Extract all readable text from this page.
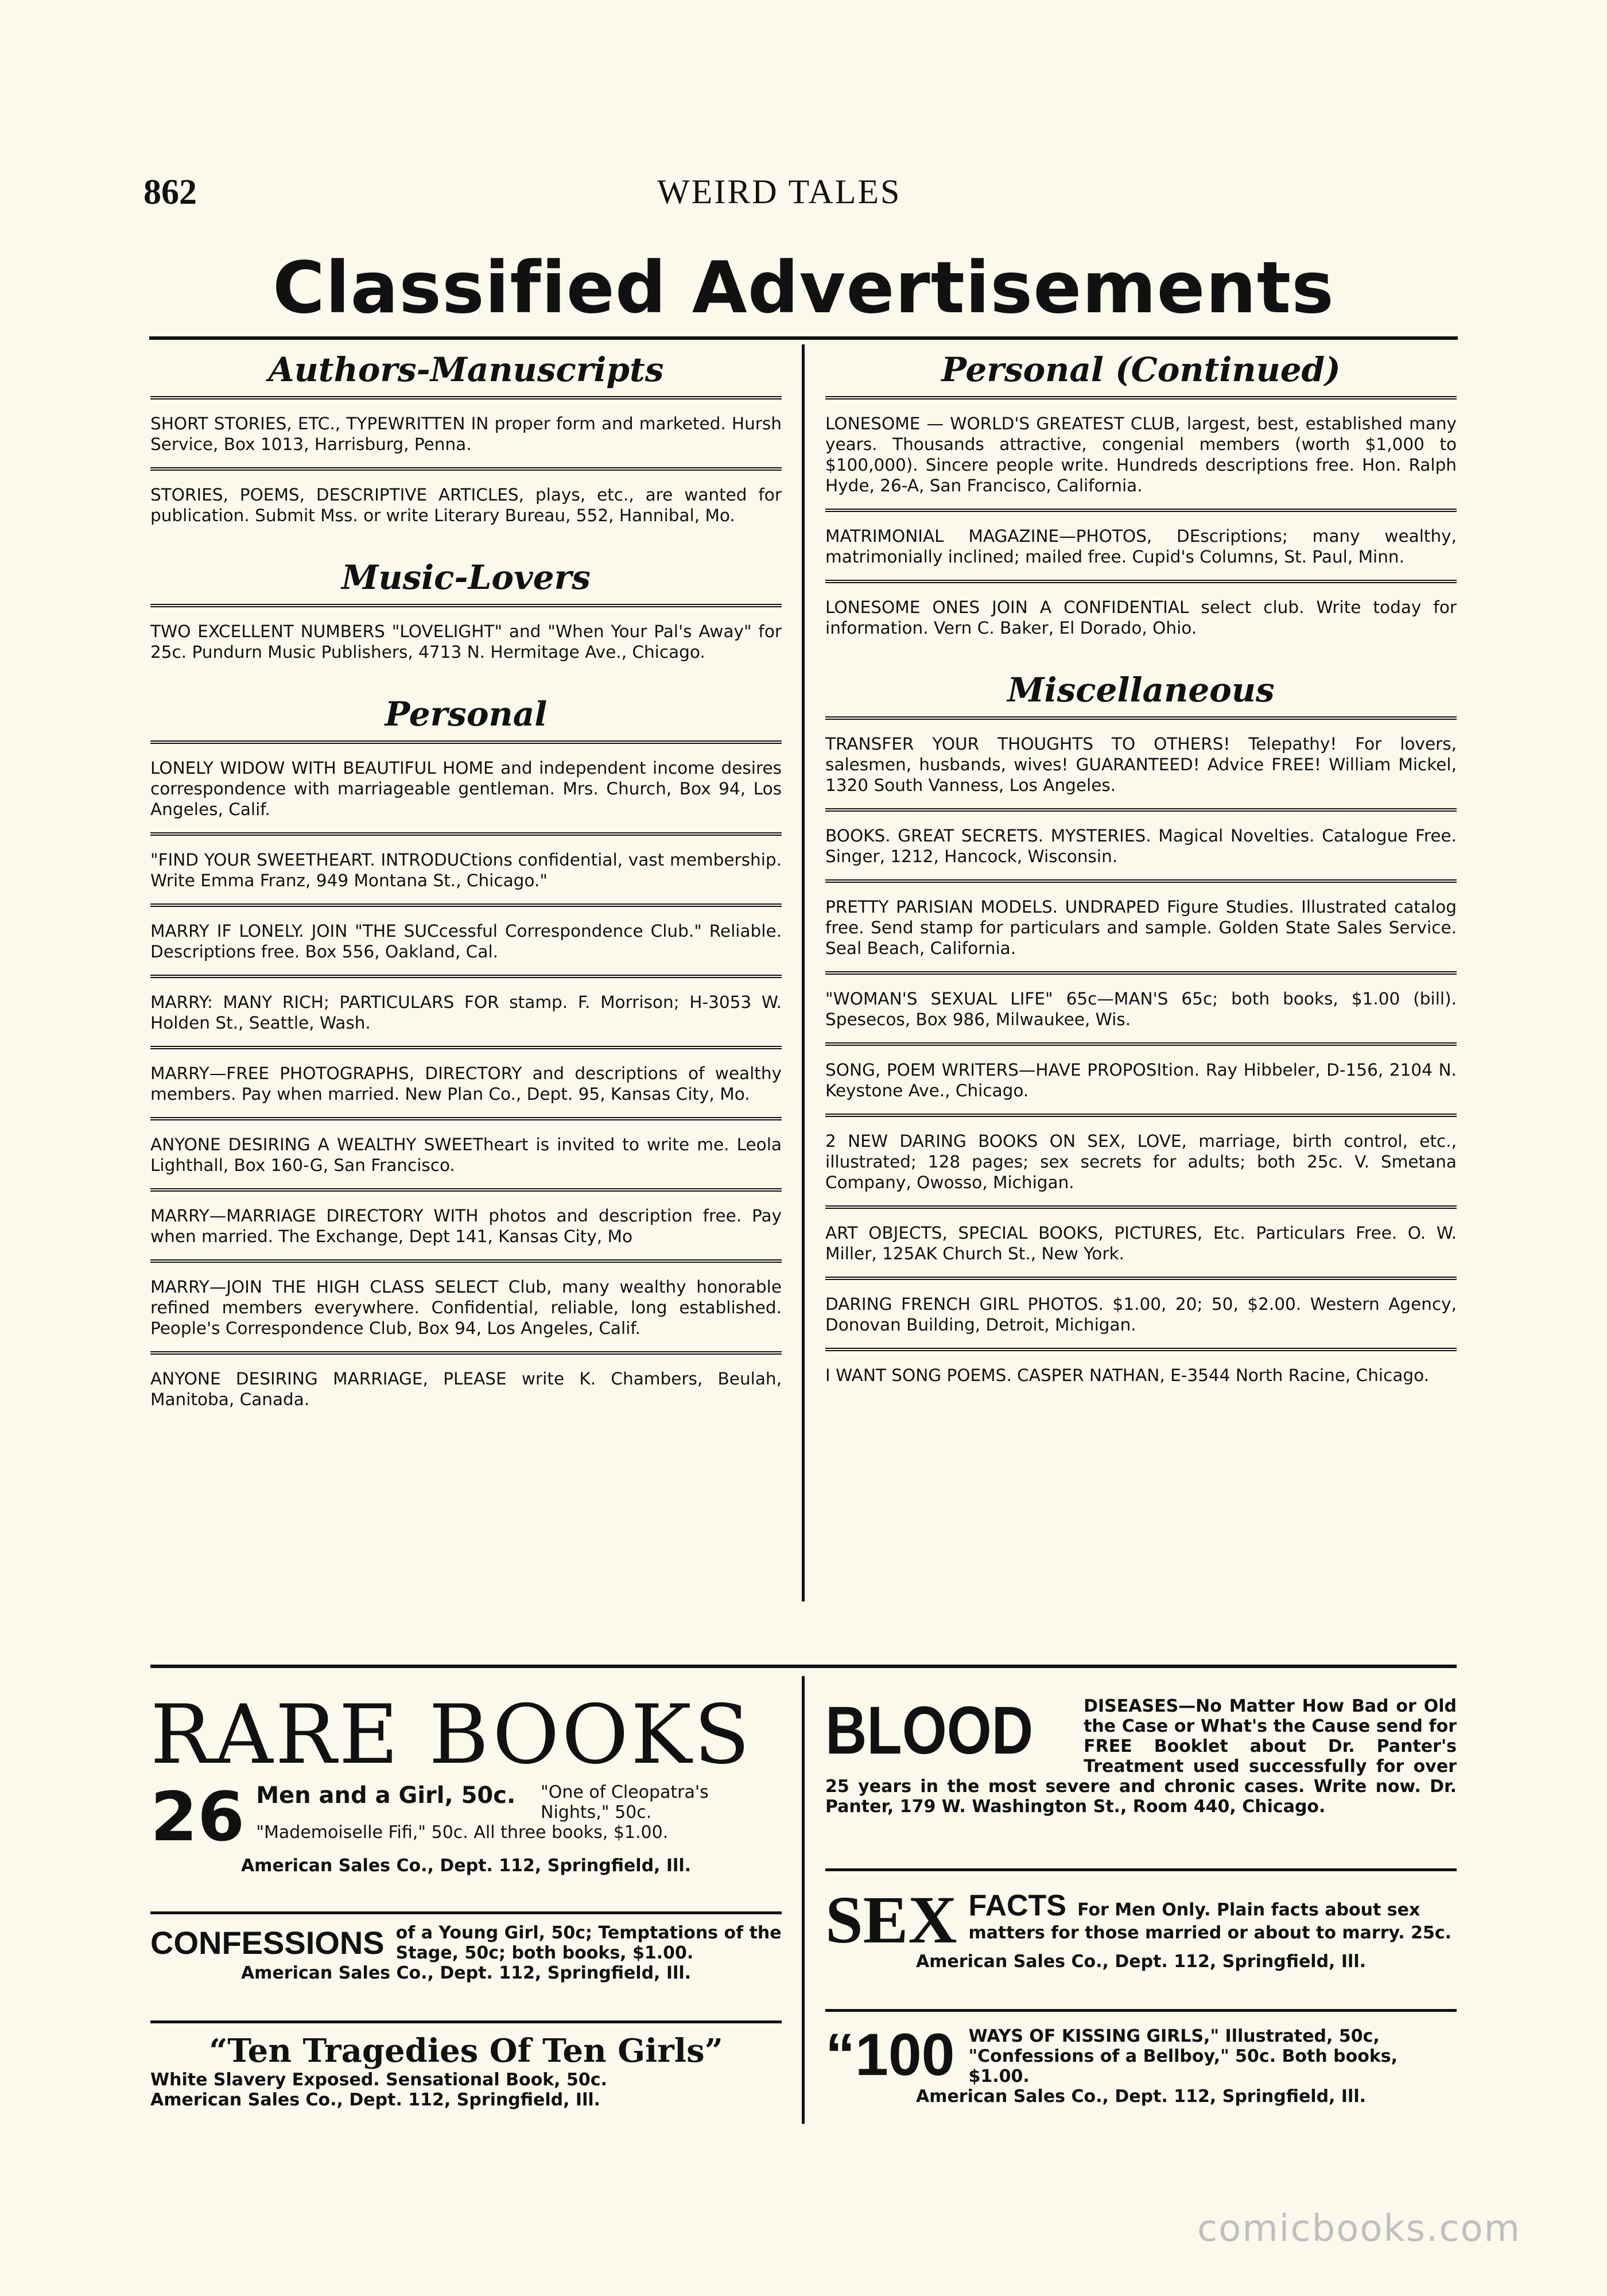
862	WEIRD TALES
Classified Advertisements
Authors-Manuscripts
SHORT STORIES, ETC., TYPEWRITTEN IN proper form and marketed. Hursh Service, Box 1013, Harrisburg, Penna.
STORIES, POEMS, DESCRIPTIVE ARTICLES, plays, etc., are wanted for publication. Submit Mss. or write Literary Bureau, 552, Hannibal, Mo.
Music-Lovers
TWO EXCELLENT NUMBERS "LOVELIGHT" and "When Your Pal's Away" for 25c. Pundurn Music Publishers, 4713 N. Hermitage Ave., Chicago.
Personal
LONELY WIDOW WITH BEAUTIFUL HOME and independent income desires correspondence with marriageable gentleman. Mrs. Church, Box 94, Los Angeles, Calif.
"FIND YOUR SWEETHEART. INTRODUCtions confidential, vast membership. Write Emma Franz, 949 Montana St., Chicago."
MARRY IF LONELY. JOIN "THE SUCcessful Correspondence Club." Reliable. Descriptions free. Box 556, Oakland, Cal.
MARRY: MANY RICH; PARTICULARS FOR stamp. F. Morrison; H-3053 W. Holden St., Seattle, Wash.
MARRY—FREE PHOTOGRAPHS, DIRECTORY and descriptions of wealthy members. Pay when married. New Plan Co., Dept. 95, Kansas City, Mo.
ANYONE DESIRING A WEALTHY SWEETheart is invited to write me. Leola Lighthall, Box 160-G, San Francisco.
MARRY—MARRIAGE DIRECTORY WITH photos and description free. Pay when married. The Exchange, Dept 141, Kansas City, Mo
MARRY—JOIN THE HIGH CLASS SELECT Club, many wealthy honorable refined members everywhere. Confidential, reliable, long established. People's Correspondence Club, Box 94, Los Angeles, Calif.
ANYONE DESIRING MARRIAGE, PLEASE write K. Chambers, Beulah, Manitoba, Canada.
Personal (Continued)
LONESOME — WORLD'S GREATEST CLUB, largest, best, established many years. Thousands attractive, congenial members (worth $1,000 to $100,000). Sincere people write. Hundreds descriptions free. Hon. Ralph Hyde, 26-A, San Francisco, California.
MATRIMONIAL MAGAZINE—PHOTOS, DEscriptions; many wealthy, matrimonially inclined; mailed free. Cupid's Columns, St. Paul, Minn.
LONESOME ONES JOIN A CONFIDENTIAL select club. Write today for information. Vern C. Baker, El Dorado, Ohio.
Miscellaneous
TRANSFER YOUR THOUGHTS TO OTHERS! Telepathy! For lovers, salesmen, husbands, wives! GUARANTEED! Advice FREE! William Mickel, 1320 South Vanness, Los Angeles.
BOOKS. GREAT SECRETS. MYSTERIES. Magical Novelties. Catalogue Free. Singer, 1212, Hancock, Wisconsin.
PRETTY PARISIAN MODELS. UNDRAPED Figure Studies. Illustrated catalog free. Send stamp for particulars and sample. Golden State Sales Service. Seal Beach, California.
"WOMAN'S SEXUAL LIFE" 65c—MAN'S 65c; both books, $1.00 (bill). Spesecos, Box 986, Milwaukee, Wis.
SONG, POEM WRITERS—HAVE PROPOSItion. Ray Hibbeler, D-156, 2104 N. Keystone Ave., Chicago.
2 NEW DARING BOOKS ON SEX, LOVE, marriage, birth control, etc., illustrated; 128 pages; sex secrets for adults; both 25c. V. Smetana Company, Owosso, Michigan.
ART OBJECTS, SPECIAL BOOKS, PICTURES, Etc. Particulars Free. O. W. Miller, 125AK Church St., New York.
DARING FRENCH GIRL PHOTOS. $1.00, 20; 50, $2.00. Western Agency, Donovan Building, Detroit, Michigan.
I WANT SONG POEMS. CASPER NATHAN, E-3544 North Racine, Chicago.
RARE BOOKS
26 Men and a Girl, 50c. "One of Cleopatra's Nights," 50c.
"Mademoiselle Fifi," 50c. All three books, $1.00.
American Sales Co., Dept. 112, Springfield, Ill.
CONFESSIONS of a Young Girl, 50c; Temptations of the Stage, 50c; both books, $1.00.
American Sales Co., Dept. 112, Springfield, Ill.
“Ten Tragedies Of Ten Girls”
White Slavery Exposed. Sensational Book, 50c.
American Sales Co., Dept. 112, Springfield, Ill.
BLOOD	DISEASES—No Matter How Bad or Old the Case or What's the Cause send for FREE Booklet about Dr. Panter's Treatment used successfully for over 25 years in the most severe and chronic cases. Write now. Dr. Panter, 179 W. Washington St., Room 440, Chicago.
SEX FACTS For Men Only. Plain facts about sex matters for those married or about to marry. 25c.
American Sales Co., Dept. 112, Springfield, Ill.
“100 WAYS OF KISSING GIRLS," Illustrated, 50c, "Confessions of a Bellboy," 50c. Both books, $1.00.
American Sales Co., Dept. 112, Springfield, Ill.
comicbooks.com
